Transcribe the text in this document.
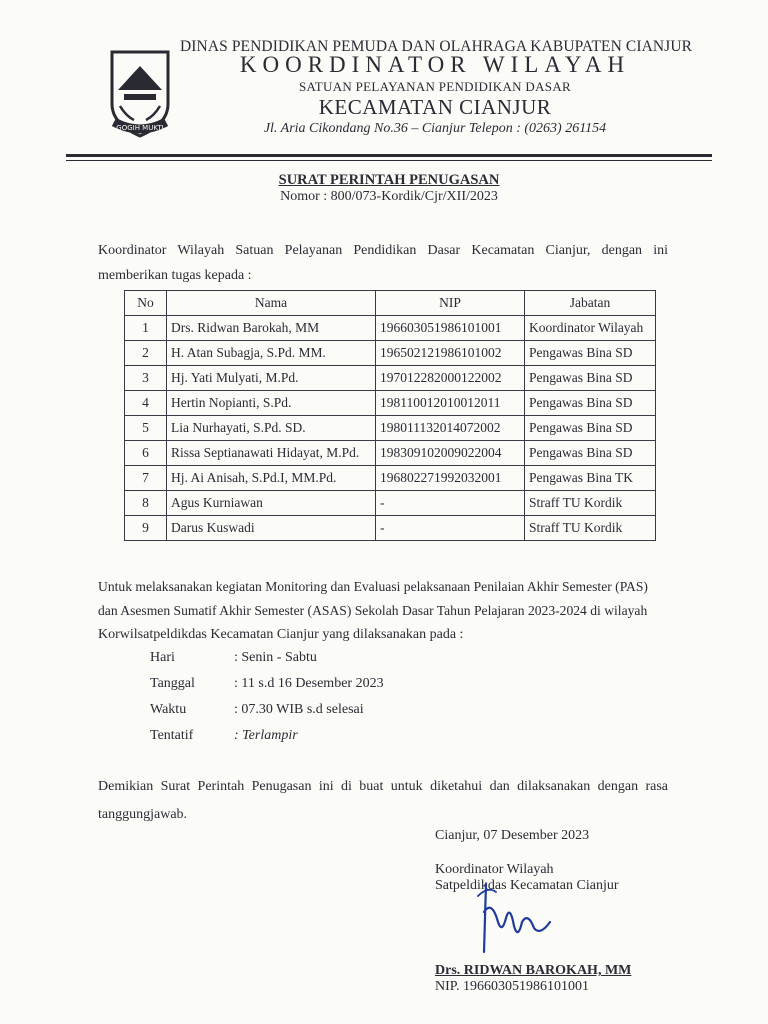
GOGIH MUKTI
DINAS PENDIDIKAN PEMUDA DAN OLAHRAGA KABUPATEN CIANJUR
KOORDINATOR WILAYAH
SATUAN PELAYANAN PENDIDIKAN DASAR
KECAMATAN CIANJUR
Jl. Aria Cikondang No.36 – Cianjur Telepon : (0263) 261154
SURAT PERINTAH PENUGASAN
Nomor : 800/073-Kordik/Cjr/XII/2023
Koordinator Wilayah Satuan Pelayanan Pendidikan Dasar Kecamatan Cianjur, dengan ini
memberikan tugas kepada :
No	Nama	NIP	Jabatan
1	Drs. Ridwan Barokah, MM	196603051986101001	Koordinator Wilayah
2	H. Atan Subagja, S.Pd. MM.	196502121986101002	Pengawas Bina SD
3	Hj. Yati Mulyati, M.Pd.	197012282000122002	Pengawas Bina SD
4	Hertin Nopianti, S.Pd.	198110012010012011	Pengawas Bina SD
5	Lia Nurhayati, S.Pd. SD.	198011132014072002	Pengawas Bina SD
6	Rissa Septianawati Hidayat, M.Pd.	198309102009022004	Pengawas Bina SD
7	Hj. Ai Anisah, S.Pd.I, MM.Pd.	196802271992032001	Pengawas Bina TK
8	Agus Kurniawan	-	Straff TU Kordik
9	Darus Kuswadi	-	Straff TU Kordik
Untuk melaksanakan kegiatan Monitoring dan Evaluasi pelaksanaan Penilaian Akhir Semester (PAS)
dan Asesmen Sumatif Akhir Semester (ASAS) Sekolah Dasar Tahun Pelajaran 2023-2024 di wilayah
Korwilsatpeldikdas Kecamatan Cianjur yang dilaksanakan pada :
Hari	: Senin - Sabtu
Tanggal	: 11 s.d 16 Desember 2023
Waktu	: 07.30 WIB s.d selesai
Tentatif	: Terlampir
Demikian Surat Perintah Penugasan ini di buat untuk diketahui dan dilaksanakan dengan rasa
tanggungjawab.
Cianjur, 07 Desember 2023
Koordinator Wilayah
Satpeldikdas Kecamatan Cianjur
Drs. RIDWAN BAROKAH, MM
NIP. 196603051986101001
